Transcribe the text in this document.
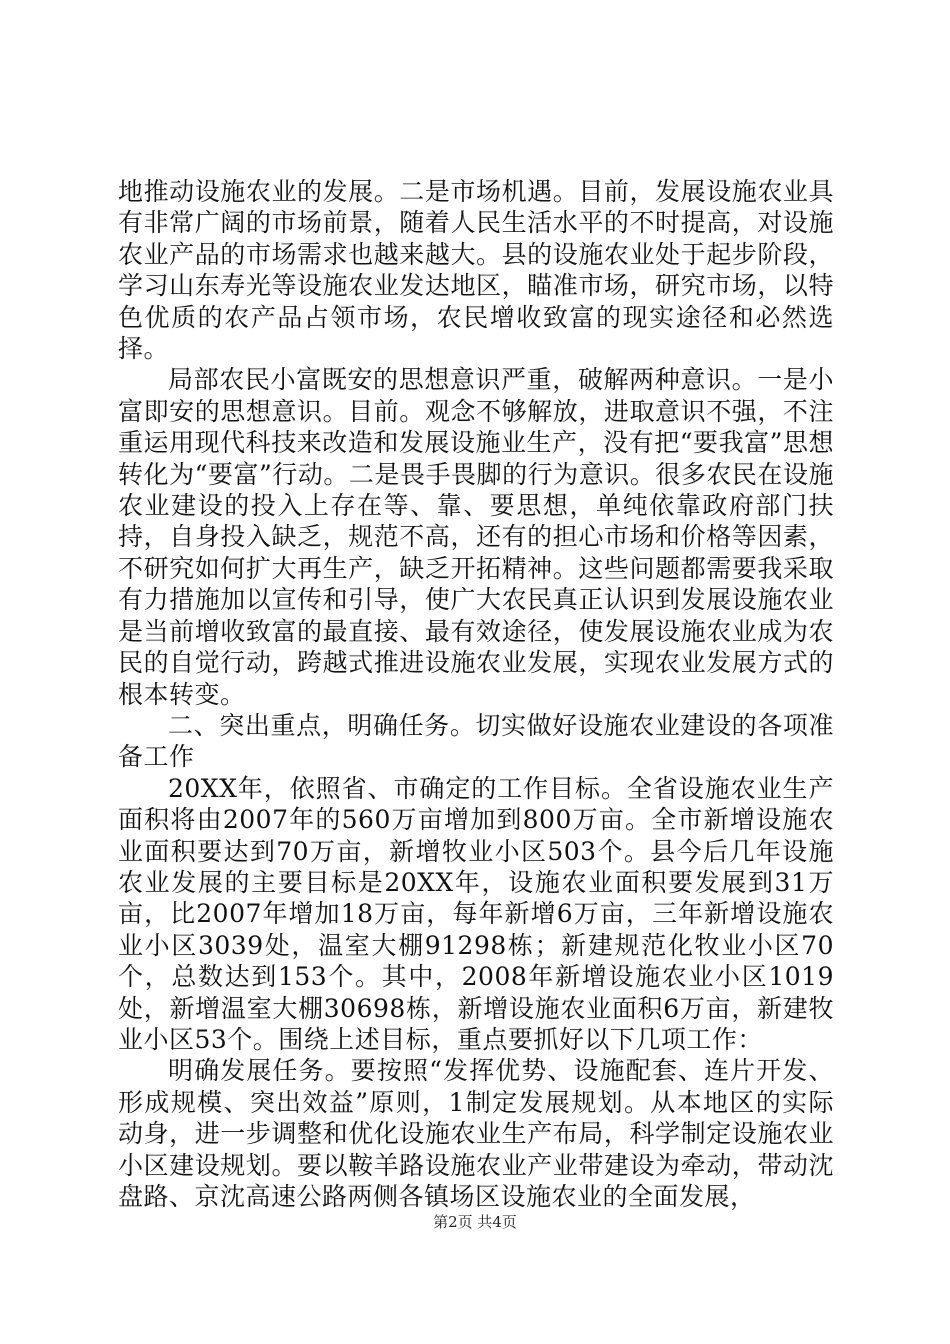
地推动设施农业的发展。二是市场机遇。目前，发展设施农业具有非常广阔的市场前景，随着人民生活水平的不时提高，对设施农业产品的市场需求也越来越大。县的设施农业处于起步阶段，学习山东寿光等设施农业发达地区，瞄准市场，研究市场，以特色优质的农产品占领市场，农民增收致富的现实途径和必然选择。

局部农民小富既安的思想意识严重，破解两种意识。一是小富即安的思想意识。目前。观念不够解放，进取意识不强，不注重运用现代科技来改造和发展设施业生产，没有把“要我富”思想转化为“要富”行动。二是畏手畏脚的行为意识。很多农民在设施农业建设的投入上存在等、靠、要思想，单纯依靠政府部门扶持，自身投入缺乏，规范不高，还有的担心市场和价格等因素，不研究如何扩大再生产，缺乏开拓精神。这些问题都需要我采取有力措施加以宣传和引导，使广大农民真正认识到发展设施农业是当前增收致富的最直接、最有效途径，使发展设施农业成为农民的自觉行动，跨越式推进设施农业发展，实现农业发展方式的根本转变。

二、突出重点，明确任务。切实做好设施农业建设的各项准备工作

20XX年，依照省、市确定的工作目标。全省设施农业生产面积将由2007年的560万亩增加到800万亩。全市新增设施农业面积要达到70万亩，新增牧业小区503个。县今后几年设施农业发展的主要目标是20XX年，设施农业面积要发展到31万亩，比2007年增加18万亩，每年新增6万亩，三年新增设施农业小区3039处，温室大棚91298栋；新建规范化牧业小区70个，总数达到153个。其中，2008年新增设施农业小区1019处，新增温室大棚30698栋，新增设施农业面积6万亩，新建牧业小区53个。围绕上述目标，重点要抓好以下几项工作：

明确发展任务。要按照“发挥优势、设施配套、连片开发、形成规模、突出效益”原则，1制定发展规划。从本地区的实际动身，进一步调整和优化设施农业生产布局，科学制定设施农业小区建设规划。要以鞍羊路设施农业产业带建设为牵动，带动沈盘路、京沈高速公路两侧各镇场区设施农业的全面发展，

第2页 共4页
